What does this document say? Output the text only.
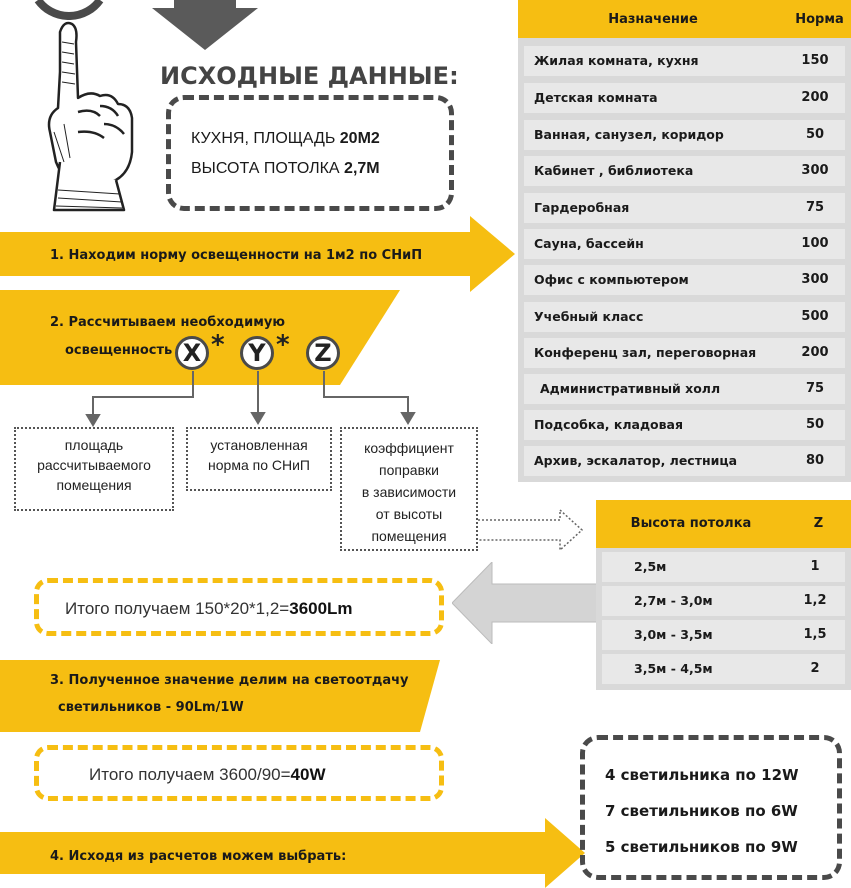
ИСХОДНЫЕ ДАННЫЕ:
КУХНЯ, ПЛОЩАДЬ 20М2
ВЫСОТА ПОТОЛКА 2,7М
1. Находим норму освещенности на 1м2 по СНиП
2. Рассчитываем необходимую
освещенность X * Y *	Z
площадь
рассчитываемого
помещения
установленная
норма по СНиП
коэффициент
поправки
в зависимости
от высоты
помещения
Итого получаем 150*20*1,2=3600Lm
3. Полученное значение делим на светоотдачу
светильников - 90Lm/1W
Итого получаем 3600/90=40W
4. Исходя из расчетов можем выбрать:
4 светильника по 12W
7 светильников по 6W
5 светильников по 9W
Назначение	Норма
Жилая комната, кухня	150
Детская комната	200
Ванная, санузел, коридор	50
Кабинет , библиотека	300
Гардеробная	75
Сауна, бассейн	100
Офис с компьютером	300
Учебный класс	500
Конференц зал, переговорная	200
Административный холл	75
Подсобка, кладовая	50
Архив, эскалатор, лестница	80
Высота потолка	Z
2,5м	1
2,7м - 3,0м	1,2
3,0м - 3,5м	1,5
3,5м - 4,5м	2
